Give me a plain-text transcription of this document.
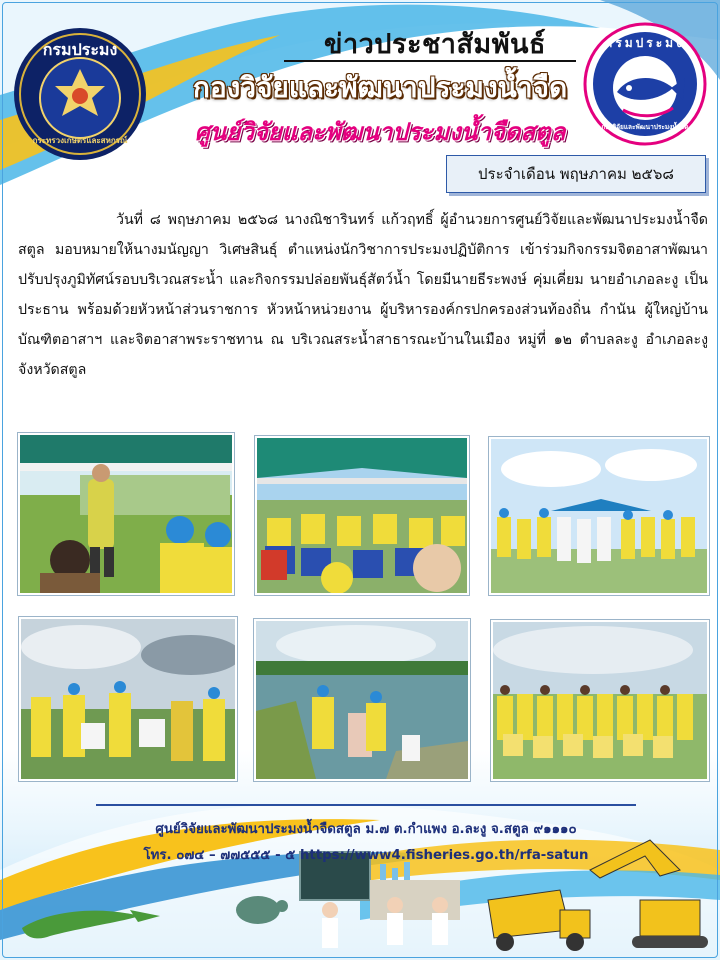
กรมประมง
กระทรวงเกษตรและสหกรณ์
กรมประมง
กองวิจัยและพัฒนาประมงน้ำจืด
ข่าวประชาสัมพันธ์
กองวิจัยและพัฒนาประมงน้ำจืด
ศูนย์วิจัยและพัฒนาประมงน้ำจืดสตูล
ประจำเดือน พฤษภาคม ๒๕๖๘
วันที่ ๘ พฤษภาคม ๒๕๖๘ นางณิชารินทร์ แก้วฤทธิ์ ผู้อำนวยการศูนย์วิจัยและพัฒนาประมงน้ำจืดสตูล มอบหมายให้นางมนัญญา วิเศษสินธุ์ ตำแหน่งนักวิชาการประมงปฏิบัติการ เข้าร่วมกิจกรรมจิตอาสาพัฒนา ปรับปรุงภูมิทัศน์รอบบริเวณสระน้ำ และกิจกรรมปล่อยพันธุ์สัตว์น้ำ โดยมีนายธีระพงษ์ คุ่มเคี่ยม นายอำเภอละงู เป็นประธาน พร้อมด้วยหัวหน้าส่วนราชการ หัวหน้าหน่วยงาน ผู้บริหารองค์กรปกครองส่วนท้องถิ่น กำนัน ผู้ใหญ่บ้าน บัณฑิตอาสาฯ และจิตอาสาพระราชทาน ณ บริเวณสระน้ำสาธารณะบ้านในเมือง หมู่ที่ ๑๒ ตำบลละงู อำเภอละงู จังหวัดสตูล
ศูนย์วิจัยและพัฒนาประมงน้ำจืดสตูล ม.๗ ต.กำแพง อ.ละงู จ.สตูล ๙๑๑๑๐
โทร. ๐๗๔ – ๗๗๕๕๕ - ๕ https://www4.fisheries.go.th/rfa-satun
